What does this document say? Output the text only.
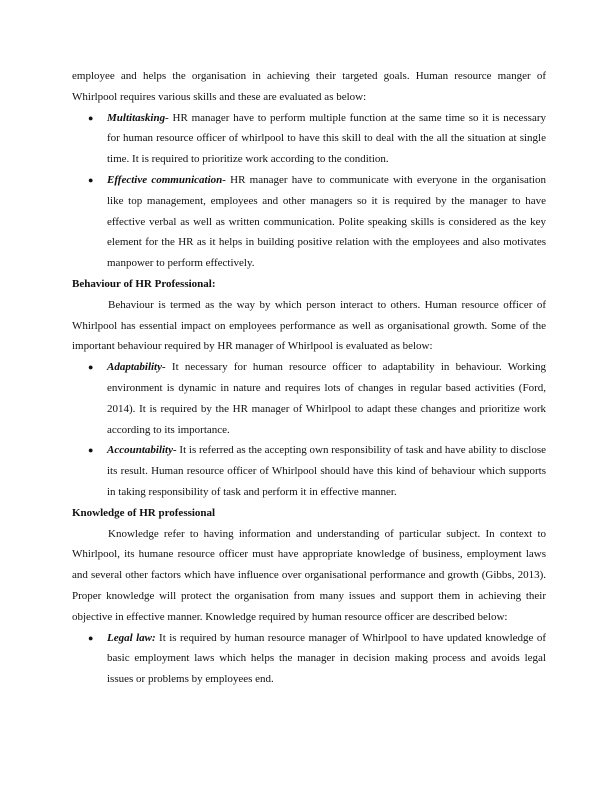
employee and helps the organisation in achieving their targeted goals. Human resource manger of Whirlpool requires various skills and these are evaluated as below:

● Multitasking- HR manager have to perform multiple function at the same time so it is necessary for human resource officer of whirlpool to have this skill to deal with the all the situation at single time. It is required to prioritize work according to the condition.
● Effective communication- HR manager have to communicate with everyone in the organisation like top management, employees and other managers so it is required by the manager to have effective verbal as well as written communication. Polite speaking skills is considered as the key element for the HR as it helps in building positive relation with the employees and also motivates manpower to perform effectively.
Behaviour of HR Professional:

Behaviour is termed as the way by which person interact to others. Human resource officer of Whirlpool has essential impact on employees performance as well as organisational growth. Some of the important behaviour required by HR manager of Whirlpool is evaluated as below:

● Adaptability- It necessary for human resource officer to adaptability in behaviour. Working environment is dynamic in nature and requires lots of changes in regular based activities (Ford, 2014). It is required by the HR manager of Whirlpool to adapt these changes and prioritize work according to its importance.
● Accountability- It is referred as the accepting own responsibility of task and have ability to disclose its result. Human resource officer of Whirlpool should have this kind of behaviour which supports in taking responsibility of task and perform it in effective manner.
Knowledge of HR professional

Knowledge refer to having information and understanding of particular subject. In context to Whirlpool, its humane resource officer must have appropriate knowledge of business, employment laws and several other factors which have influence over organisational performance and growth (Gibbs, 2013). Proper knowledge will protect the organisation from many issues and support them in achieving their objective in effective manner. Knowledge required by human resource officer are described below:

● Legal law: It is required by human resource manager of Whirlpool to have updated knowledge of basic employment laws which helps the manager in decision making process and avoids legal issues or problems by employees end.
